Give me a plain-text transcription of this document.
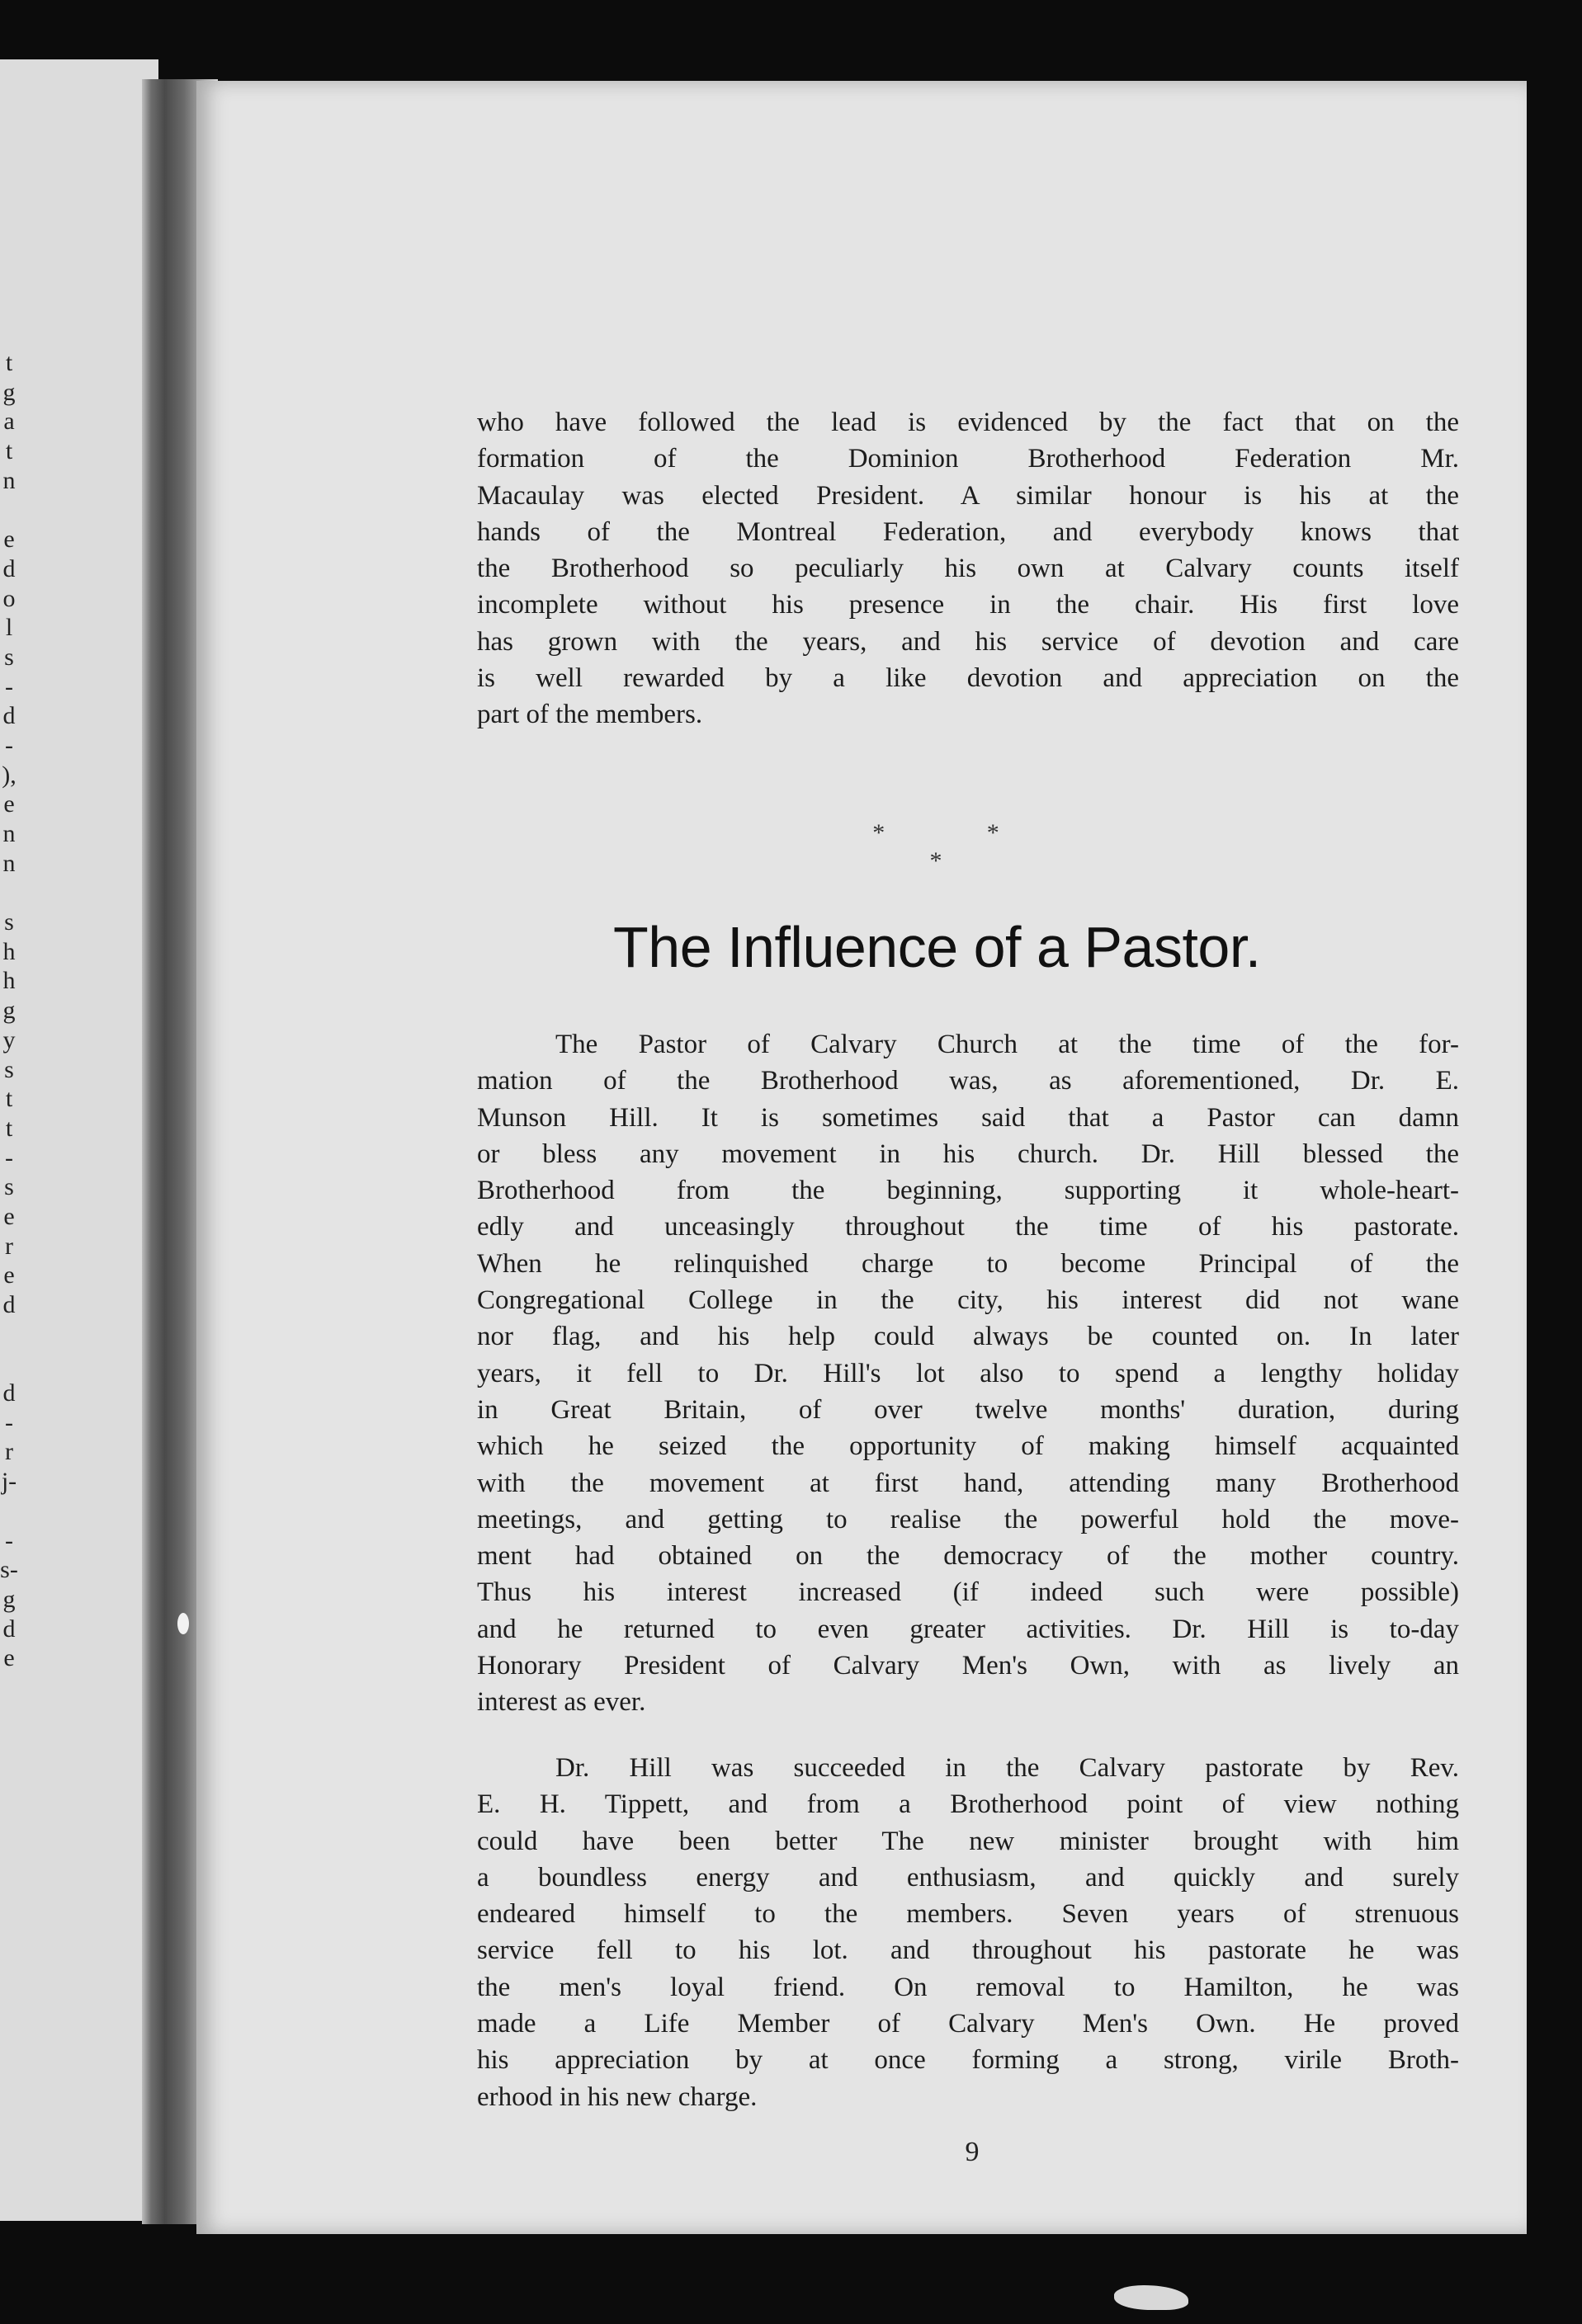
t
g
a
t
n
e
d
o
l
s
-
d
-
),
e
n
n
s
h
h
g
y
s
t
t
-
s
e
r
e
d
d
-
r
j-
-
s-
g
d
e
who have followed the lead is evidenced by the fact that on the
formation of the Dominion Brotherhood Federation Mr.
Macaulay was elected President. A similar honour is his at the
hands of the Montreal Federation, and everybody knows that
the Brotherhood so peculiarly his own at Calvary counts itself
incomplete without his presence in the chair. His first love
has grown with the years, and his service of devotion and care
is well rewarded by a like devotion and appreciation on the
part of the members.
* * *
The Influence of a Pastor.
The Pastor of Calvary Church at the time of the for-
mation of the Brotherhood was, as aforementioned, Dr. E.
Munson Hill. It is sometimes said that a Pastor can damn
or bless any movement in his church. Dr. Hill blessed the
Brotherhood from the beginning, supporting it whole-heart-
edly and unceasingly throughout the time of his pastorate.
When he relinquished charge to become Principal of the
Congregational College in the city, his interest did not wane
nor flag, and his help could always be counted on. In later
years, it fell to Dr. Hill's lot also to spend a lengthy holiday
in Great Britain, of over twelve months' duration, during
which he seized the opportunity of making himself acquainted
with the movement at first hand, attending many Brotherhood
meetings, and getting to realise the powerful hold the move-
ment had obtained on the democracy of the mother country.
Thus his interest increased (if indeed such were possible)
and he returned to even greater activities. Dr. Hill is to-day
Honorary President of Calvary Men's Own, with as lively an
interest as ever.
Dr. Hill was succeeded in the Calvary pastorate by Rev.
E. H. Tippett, and from a Brotherhood point of view nothing
could have been better The new minister brought with him
a boundless energy and enthusiasm, and quickly and surely
endeared himself to the members. Seven years of strenuous
service fell to his lot. and throughout his pastorate he was
the men's loyal friend. On removal to Hamilton, he was
made a Life Member of Calvary Men's Own. He proved
his appreciation by at once forming a strong, virile Broth-
erhood in his new charge.
9
